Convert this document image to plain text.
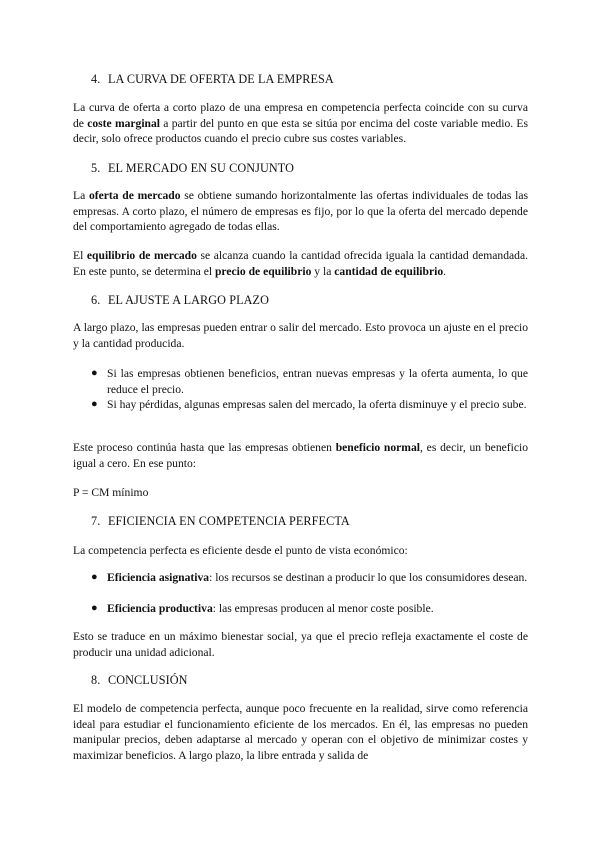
4. LA CURVA DE OFERTA DE LA EMPRESA
La curva de oferta a corto plazo de una empresa en competencia perfecta coincide con su curva de coste marginal a partir del punto en que esta se sitúa por encima del coste variable medio. Es decir, solo ofrece productos cuando el precio cubre sus costes variables.
5. EL MERCADO EN SU CONJUNTO
La oferta de mercado se obtiene sumando horizontalmente las ofertas individuales de todas las empresas. A corto plazo, el número de empresas es fijo, por lo que la oferta del mercado depende del comportamiento agregado de todas ellas.
El equilibrio de mercado se alcanza cuando la cantidad ofrecida iguala la cantidad demandada. En este punto, se determina el precio de equilibrio y la cantidad de equilibrio.
6. EL AJUSTE A LARGO PLAZO
A largo plazo, las empresas pueden entrar o salir del mercado. Esto provoca un ajuste en el precio y la cantidad producida.
● Si las empresas obtienen beneficios, entran nuevas empresas y la oferta aumenta, lo que reduce el precio.
● Si hay pérdidas, algunas empresas salen del mercado, la oferta disminuye y el precio sube.
Este proceso continúa hasta que las empresas obtienen beneficio normal, es decir, un beneficio igual a cero. En ese punto:
P = CM mínimo
7. EFICIENCIA EN COMPETENCIA PERFECTA
La competencia perfecta es eficiente desde el punto de vista económico:
● Eficiencia asignativa: los recursos se destinan a producir lo que los consumidores desean.
● Eficiencia productiva: las empresas producen al menor coste posible.
Esto se traduce en un máximo bienestar social, ya que el precio refleja exactamente el coste de producir una unidad adicional.
8. CONCLUSIÓN
El modelo de competencia perfecta, aunque poco frecuente en la realidad, sirve como referencia ideal para estudiar el funcionamiento eficiente de los mercados. En él, las empresas no pueden manipular precios, deben adaptarse al mercado y operan con el objetivo de minimizar costes y maximizar beneficios. A largo plazo, la libre entrada y salida de
